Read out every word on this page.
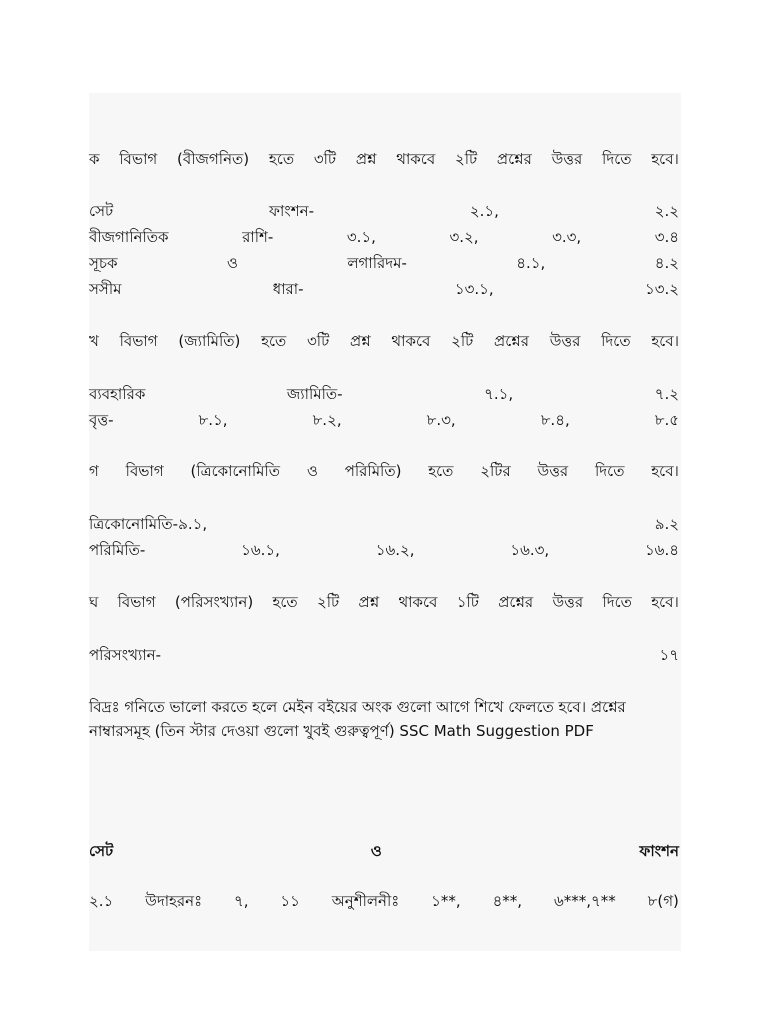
ক বিভাগ (বীজগনিত) হতে ৩টি প্রশ্ন থাকবে ২টি প্রশ্নের উত্তর দিতে হবে।
সেট	ফাংশন-	২.১,	২.২
বীজগানিতিক	রাশি-	৩.১,	৩.২,	৩.৩,	৩.৪
সূচক	ও	লগারিদম-	৪.১,	৪.২
সসীম	ধারা-	১৩.১,	১৩.২
খ বিভাগ (জ্যামিতি) হতে ৩টি প্রশ্ন থাকবে ২টি প্রশ্নের উত্তর দিতে হবে।
ব্যবহারিক	জ্যামিতি-	৭.১,	৭.২
বৃত্ত-	৮.১,	৮.২,	৮.৩,	৮.৪,	৮.৫
গ বিভাগ (ত্রিকোনোমিতি ও পরিমিতি) হতে ২টির উত্তর দিতে হবে।
ত্রিকোনোমিতি-৯.১,	৯.২
পরিমিতি-	১৬.১,	১৬.২,	১৬.৩,	১৬.৪
ঘ বিভাগ (পরিসংখ্যান) হতে ২টি প্রশ্ন থাকবে ১টি প্রশ্নের উত্তর দিতে হবে।
পরিসংখ্যান-	১৭
বিদ্রঃ গনিতে ভালো করতে হলে মেইন বইয়ের অংক গুলো আগে শিখে ফেলতে হবে। প্রশ্নের নাম্বারসমূহ (তিন স্টার দেওয়া গুলো খুবই গুরুত্বপূর্ণ) SSC Math Suggestion PDF
সেট	ও	ফাংশন
২.১ উদাহরনঃ ৭, ১১ অনুশীলনীঃ ১**, ৪**, ৬***,৭** ৮(গ)
